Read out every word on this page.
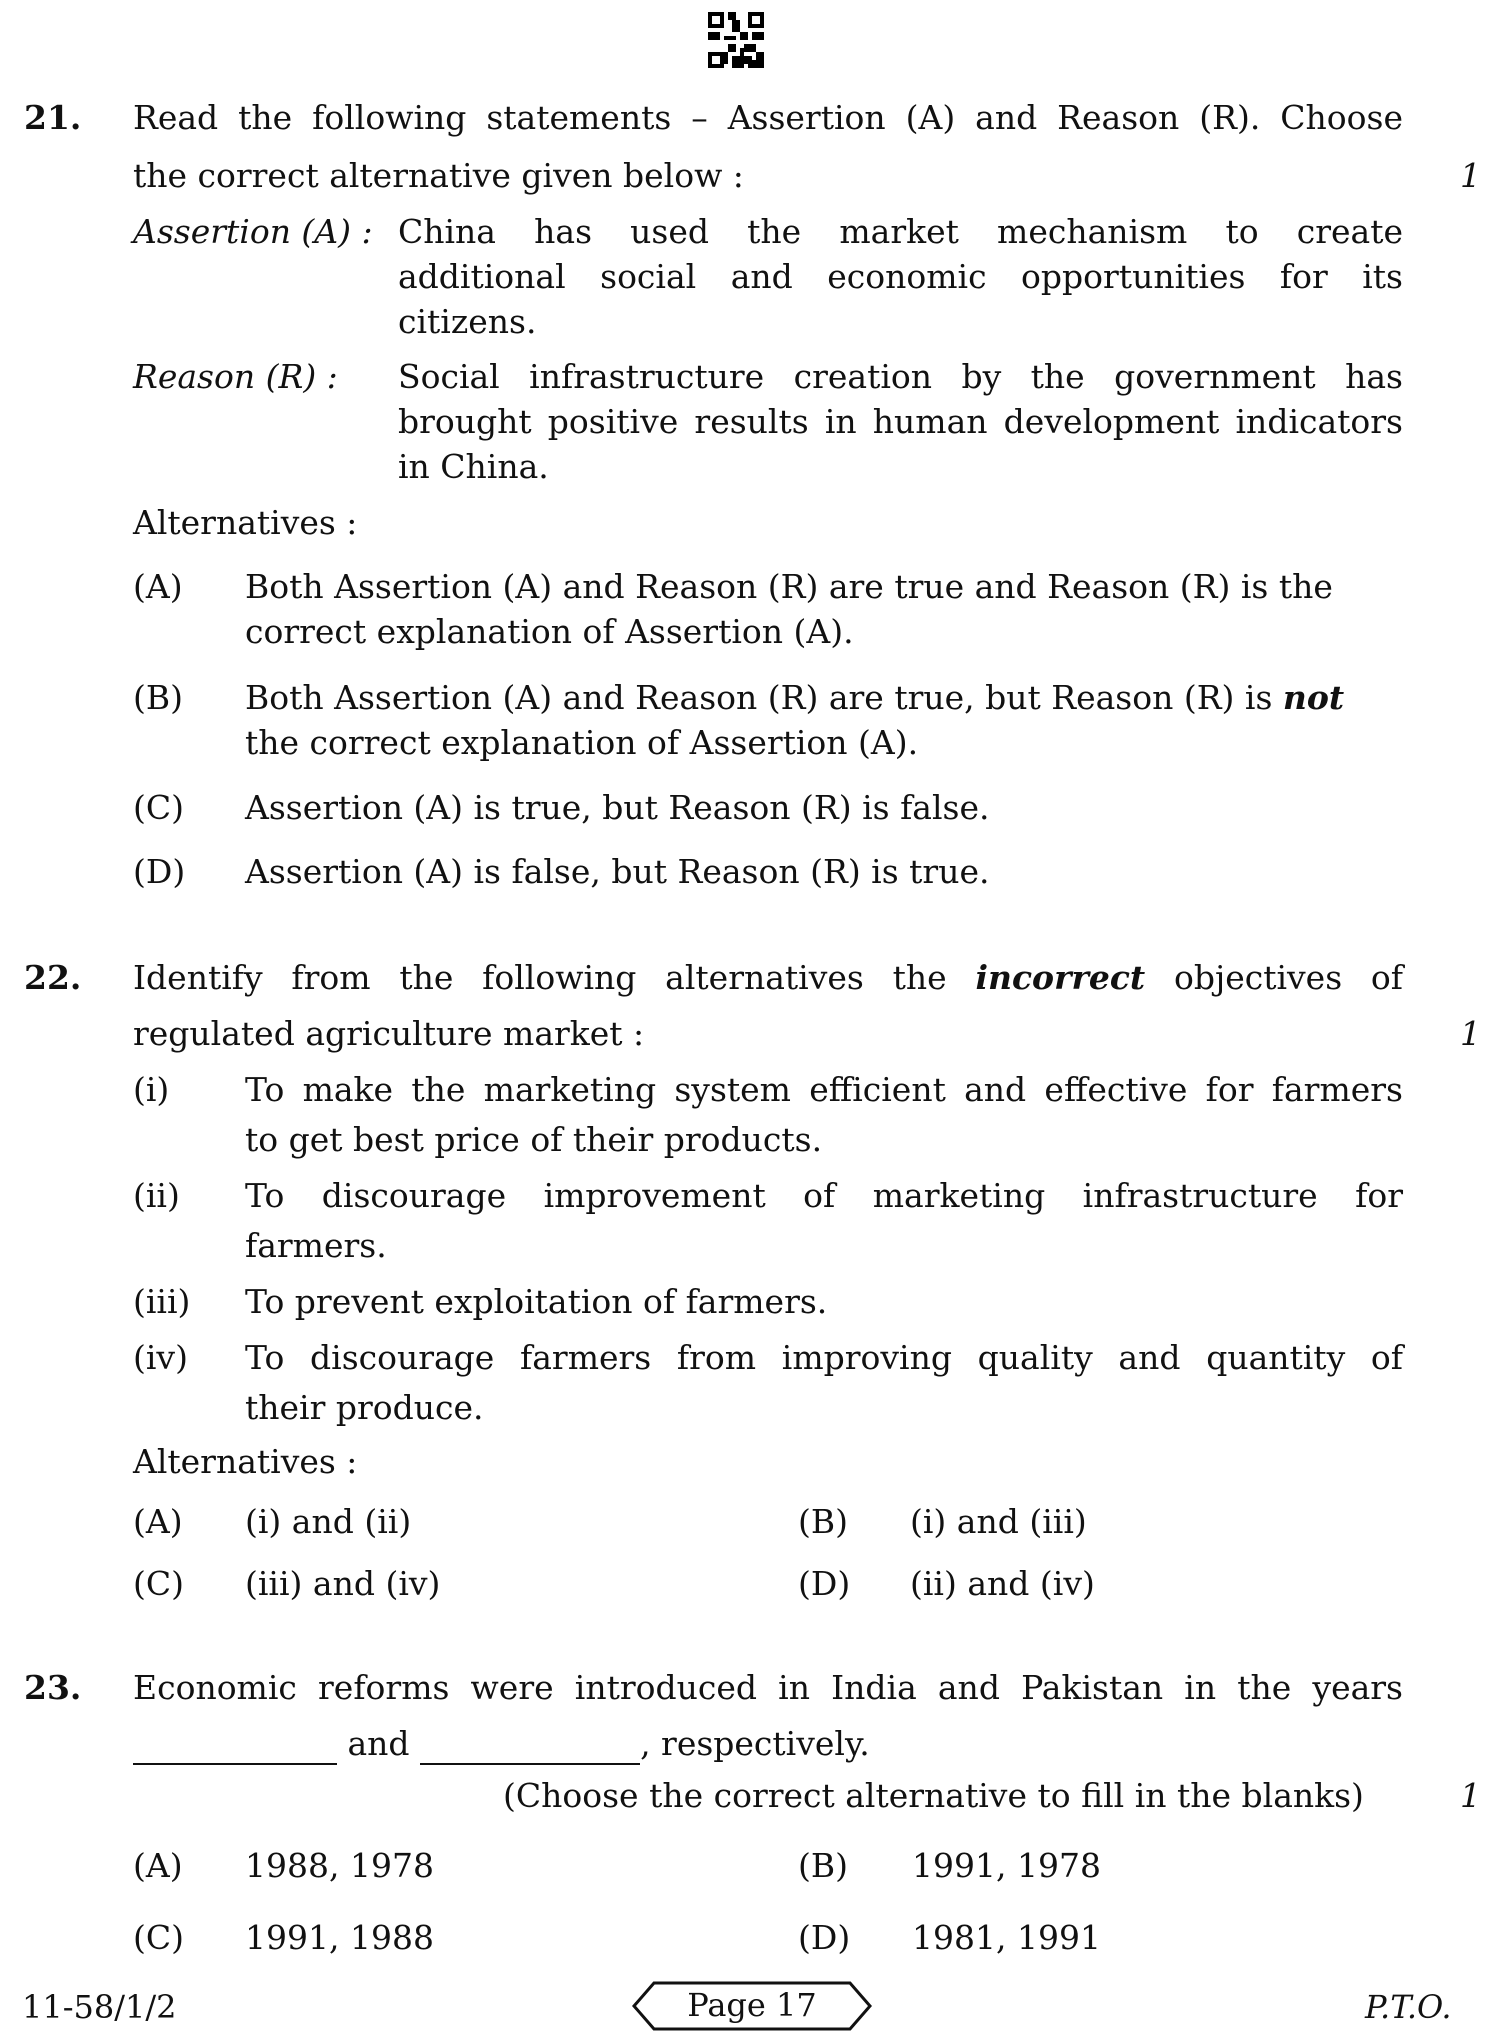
21. Read the following statements – Assertion (A) and Reason (R). Choose
the correct alternative given below :	1
Assertion (A) : China has used the market mechanism to create
additional social and economic opportunities for its
citizens.
Reason (R) : Social infrastructure creation by the government has
brought positive results in human development indicators
in China.
Alternatives :
(A) Both Assertion (A) and Reason (R) are true and Reason (R) is the
correct explanation of Assertion (A).
(B) Both Assertion (A) and Reason (R) are true, but Reason (R) is not
the correct explanation of Assertion (A).
(C) Assertion (A) is true, but Reason (R) is false.
(D) Assertion (A) is false, but Reason (R) is true.
22. Identify from the following alternatives the incorrect objectives of
regulated agriculture market :	1
(i) To make the marketing system efficient and effective for farmers
to get best price of their products.
(ii) To discourage improvement of marketing infrastructure for
farmers.
(iii) To prevent exploitation of farmers.
(iv) To discourage farmers from improving quality and quantity of
their produce.
Alternatives :
(A) (i) and (ii)	(B) (i) and (iii)
(C) (iii) and (iv)	(D) (ii) and (iv)
23. Economic reforms were introduced in India and Pakistan in the years
and	, respectively.
(Choose the correct alternative to fill in the blanks)	1
(A) 1988, 1978	(B) 1991, 1978
(C) 1991, 1988	(D) 1981, 1991
11-58/1/2	Page 17	P.T.O.
